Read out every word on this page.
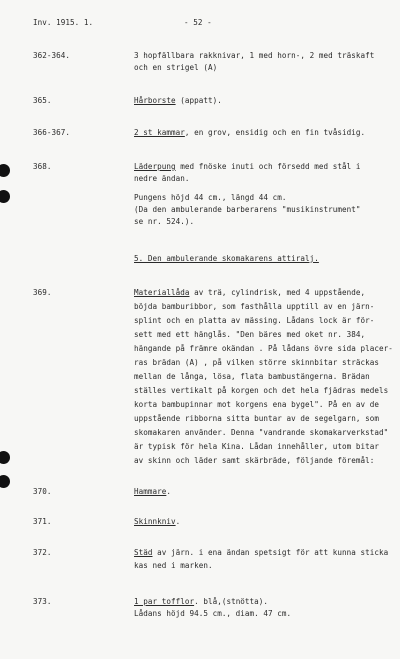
Inv. 1915. 1.	- 52 -
362-364.	3 hopfällbara rakknivar, 1 med horn-, 2 med träskaft
och en strigel (A)
365.	Hårborste (appatt).
366-367.	2 st kammar, en grov, ensidig och en fin tvåsidig.
368.	Läderpung med fnöske inuti och försedd med stål i
nedre ändan.
Pungens höjd 44 cm., längd 44 cm.
(Da den ambulerande barberarens "musikinstrument"
se nr. 524.).
5. Den ambulerande skomakarens attiralj.
369.	Materiallåda av trä, cylindrisk, med 4 uppstående,
böjda bamburibbor, som fasthålla upptill av en järn-
splint och en platta av mässing. Lådans lock är för-
sett med ett hänglås. "Den bäres med oket nr. 384,
hängande på främre okändan . På lådans övre sida placer-
ras brädan (A) , på vilken större skinnbitar sträckas
mellan de långa, lösa, flata bambustängerna. Brädan
ställes vertikalt på korgen och det hela fjädras medels
korta bambupinnar mot korgens ena bygel". På en av de
uppstående ribborna sitta buntar av de segelgarn, som
skomakaren använder. Denna "vandrande skomakarverkstad"
är typisk för hela Kina. Lådan innehåller, utom bitar
av skinn och läder samt skärbräde, följande föremål:
370.	Hammare.
371.	Skinnkniv.
372.	Städ av järn. i ena ändan spetsigt för att kunna sticka
kas ned i marken.
373.	1 par tofflor. blå,(stnötta).
Lådans höjd 94.5 cm., diam. 47 cm.
